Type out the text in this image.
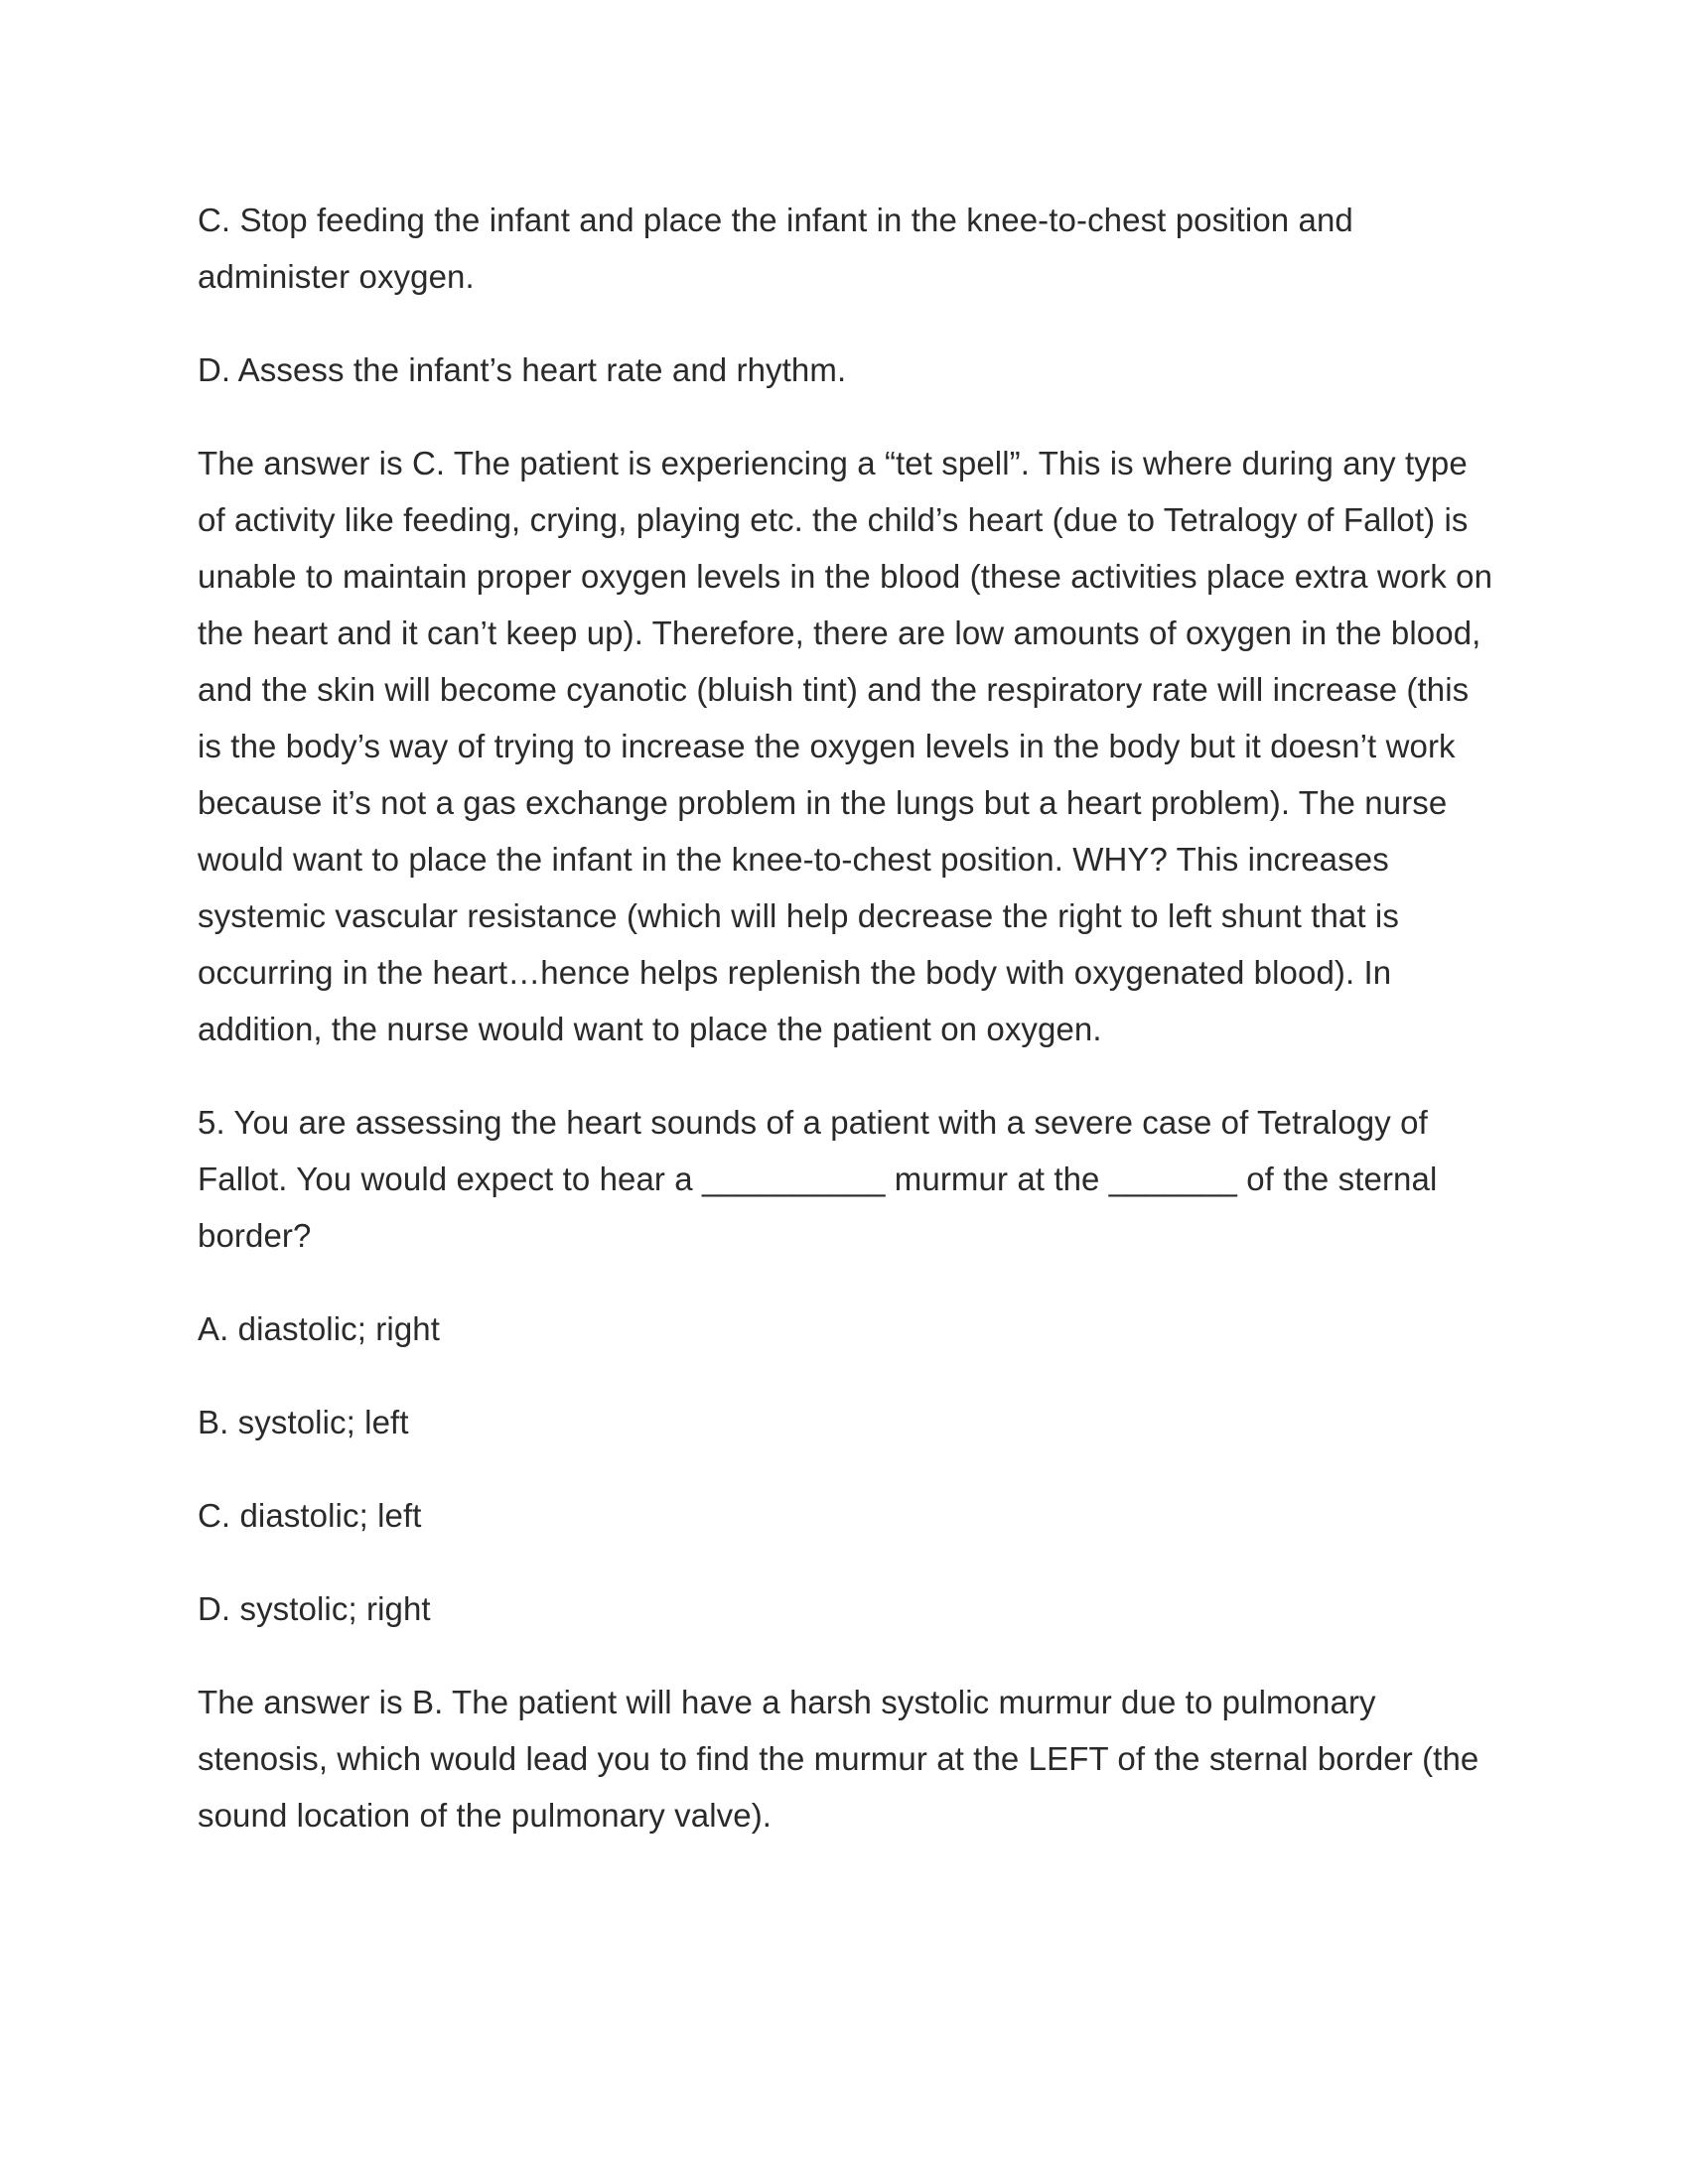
C. Stop feeding the infant and place the infant in the knee-to-chest position and administer oxygen.

D. Assess the infant’s heart rate and rhythm.

The answer is C. The patient is experiencing a “tet spell”. This is where during any type of activity like feeding, crying, playing etc. the child’s heart (due to Tetralogy of Fallot) is unable to maintain proper oxygen levels in the blood (these activities place extra work on the heart and it can’t keep up). Therefore, there are low amounts of oxygen in the blood, and the skin will become cyanotic (bluish tint) and the respiratory rate will increase (this is the body’s way of trying to increase the oxygen levels in the body but it doesn’t work because it’s not a gas exchange problem in the lungs but a heart problem). The nurse would want to place the infant in the knee-to-chest position. WHY? This increases systemic vascular resistance (which will help decrease the right to left shunt that is occurring in the heart…hence helps replenish the body with oxygenated blood). In addition, the nurse would want to place the patient on oxygen.

5. You are assessing the heart sounds of a patient with a severe case of Tetralogy of Fallot. You would expect to hear a __________ murmur at the _______ of the sternal border?

A. diastolic; right

B. systolic; left

C. diastolic; left

D. systolic; right

The answer is B. The patient will have a harsh systolic murmur due to pulmonary stenosis, which would lead you to find the murmur at the LEFT of the sternal border (the sound location of the pulmonary valve).
